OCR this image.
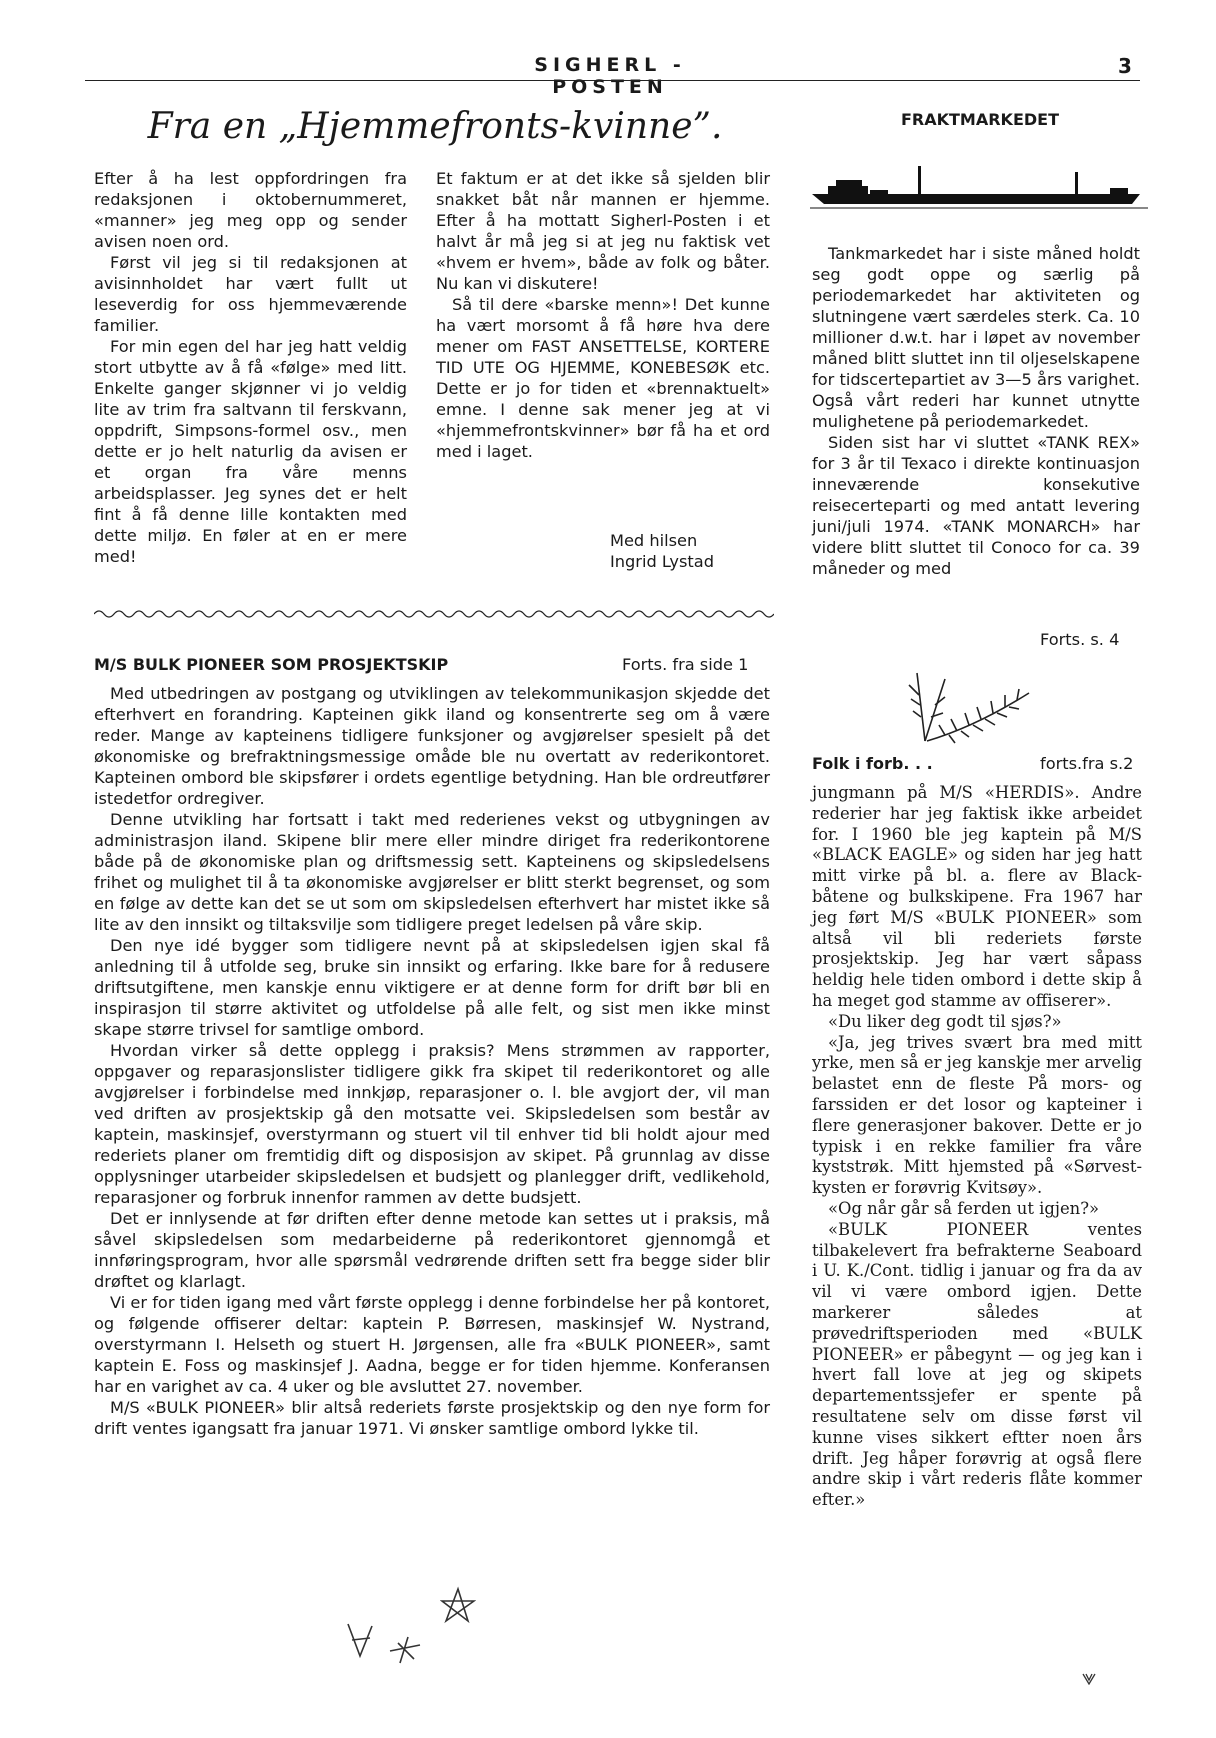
SIGHERL - POSTEN
3
Fra en „Hjemmefronts-kvinne”.

Efter å ha lest oppfordringen fra redaksjonen i oktobernummeret, «manner» jeg meg opp og sender avisen noen ord.

Først vil jeg si til redaksjonen at avisinnholdet har vært fullt ut leseverdig for oss hjemmeværende familier.

For min egen del har jeg hatt veldig stort utbytte av å få «følge» med litt. Enkelte ganger skjønner vi jo veldig lite av trim fra saltvann til ferskvann, oppdrift, Simpsons-formel osv., men dette er jo helt naturlig da avisen er et organ fra våre menns arbeidsplasser. Jeg synes det er helt fint å få denne lille kontakten med dette miljø. En føler at en er mere med!

Et faktum er at det ikke så sjelden blir snakket båt når mannen er hjemme. Efter å ha mottatt Sigherl-Posten i et halvt år må jeg si at jeg nu faktisk vet «hvem er hvem», både av folk og båter. Nu kan vi diskutere!

Så til dere «barske menn»! Det kunne ha vært morsomt å få høre hva dere mener om FAST ANSETTELSE, KORTERE TID UTE OG HJEMME, KONEBESØK etc. Dette er jo for tiden et «brennaktuelt» emne. I denne sak mener jeg at vi «hjemmefrontskvinner» bør få ha et ord med i laget.

Med hilsen
Ingrid Lystad
M/S BULK PIONEER SOM PROSJEKTSKIP	Forts. fra side 1

Med utbedringen av postgang og utviklingen av telekommunikasjon skjedde det efterhvert en forandring. Kapteinen gikk iland og konsentrerte seg om å være reder. Mange av kapteinens tidligere funksjoner og avgjørelser spesielt på det økonomiske og brefraktningsmessige omåde ble nu overtatt av rederikontoret. Kapteinen ombord ble skipsfører i ordets egentlige betydning. Han ble ordreutfører istedetfor ordregiver.

Denne utvikling har fortsatt i takt med rederienes vekst og utbygningen av administrasjon iland. Skipene blir mere eller mindre diriget fra rederikontorene både på de økonomiske plan og driftsmessig sett. Kapteinens og skipsledelsens frihet og mulighet til å ta økonomiske avgjørelser er blitt sterkt begrenset, og som en følge av dette kan det se ut som om skipsledelsen efterhvert har mistet ikke så lite av den innsikt og tiltaksvilje som tidligere preget ledelsen på våre skip.

Den nye idé bygger som tidligere nevnt på at skipsledelsen igjen skal få anledning til å utfolde seg, bruke sin innsikt og erfaring. Ikke bare for å redusere driftsutgiftene, men kanskje ennu viktigere er at denne form for drift bør bli en inspirasjon til større aktivitet og utfoldelse på alle felt, og sist men ikke minst skape større trivsel for samtlige ombord.

Hvordan virker så dette opplegg i praksis? Mens strømmen av rapporter, oppgaver og reparasjonslister tidligere gikk fra skipet til rederikontoret og alle avgjørelser i forbindelse med innkjøp, reparasjoner o. l. ble avgjort der, vil man ved driften av prosjektskip gå den motsatte vei. Skipsledelsen som består av kaptein, maskinsjef, overstyrmann og stuert vil til enhver tid bli holdt ajour med rederiets planer om fremtidig dift og disposisjon av skipet. På grunnlag av disse opplysninger utarbeider skipsledelsen et budsjett og planlegger drift, vedlikehold, reparasjoner og forbruk innenfor rammen av dette budsjett.

Det er innlysende at før driften efter denne metode kan settes ut i praksis, må såvel skipsledelsen som medarbeiderne på rederikontoret gjennomgå et innføringsprogram, hvor alle spørsmål vedrørende driften sett fra begge sider blir drøftet og klarlagt.

Vi er for tiden igang med vårt første opplegg i denne forbindelse her på kontoret, og følgende offiserer deltar: kaptein P. Børresen, maskinsjef W. Nystrand, overstyrmann I. Helseth og stuert H. Jørgensen, alle fra «BULK PIONEER», samt kaptein E. Foss og maskinsjef J. Aadna, begge er for tiden hjemme. Konferansen har en varighet av ca. 4 uker og ble avsluttet 27. november.

M/S «BULK PIONEER» blir altså rederiets første prosjektskip og den nye form for drift ventes igangsatt fra januar 1971. Vi ønsker samtlige ombord lykke til.

FRAKTMARKEDET

Tankmarkedet har i siste måned holdt seg godt oppe og særlig på periodemarkedet har aktiviteten og slutningene vært særdeles sterk. Ca. 10 millioner d.w.t. har i løpet av november måned blitt sluttet inn til oljeselskapene for tidscertepartiet av 3—5 års varighet. Også vårt rederi har kunnet utnytte mulighetene på periodemarkedet.

Siden sist har vi sluttet «TANK REX» for 3 år til Texaco i direkte kontinuasjon inneværende konsekutive reisecerteparti og med antatt levering juni/juli 1974. «TANK MONARCH» har videre blitt sluttet til Conoco for ca. 39 måneder og med

Forts. s. 4
Folk i forb. . .	forts.fra s.2

jungmann på M/S «HERDIS». Andre rederier har jeg faktisk ikke arbeidet for. I 1960 ble jeg kaptein på M/S «BLACK EAGLE» og siden har jeg hatt mitt virke på bl. a. flere av Black-båtene og bulkskipene. Fra 1967 har jeg ført M/S «BULK PIONEER» som altså vil bli rederiets første prosjektskip. Jeg har vært såpass heldig hele tiden ombord i dette skip å ha meget god stamme av offiserer».

«Du liker deg godt til sjøs?»

«Ja, jeg trives svært bra med mitt yrke, men så er jeg kanskje mer arvelig belastet enn de fleste På mors- og farssiden er det losor og kapteiner i flere generasjoner bakover. Dette er jo typisk i en rekke familier fra våre kyststrøk. Mitt hjemsted på «Sørvest-kysten er forøvrig Kvitsøy».

«Og når går så ferden ut igjen?»

«BULK PIONEER ventes tilbakelevert fra befrakterne Seaboard i U. K./Cont. tidlig i januar og fra da av vil vi være ombord igjen. Dette markerer således at prøvedriftsperioden med «BULK PIONEER» er påbegynt — og jeg kan i hvert fall love at jeg og skipets departementssjefer er spente på resultatene selv om disse først vil kunne vises sikkert eftter noen års drift. Jeg håper forøvrig at også flere andre skip i vårt rederis flåte kommer efter.»
